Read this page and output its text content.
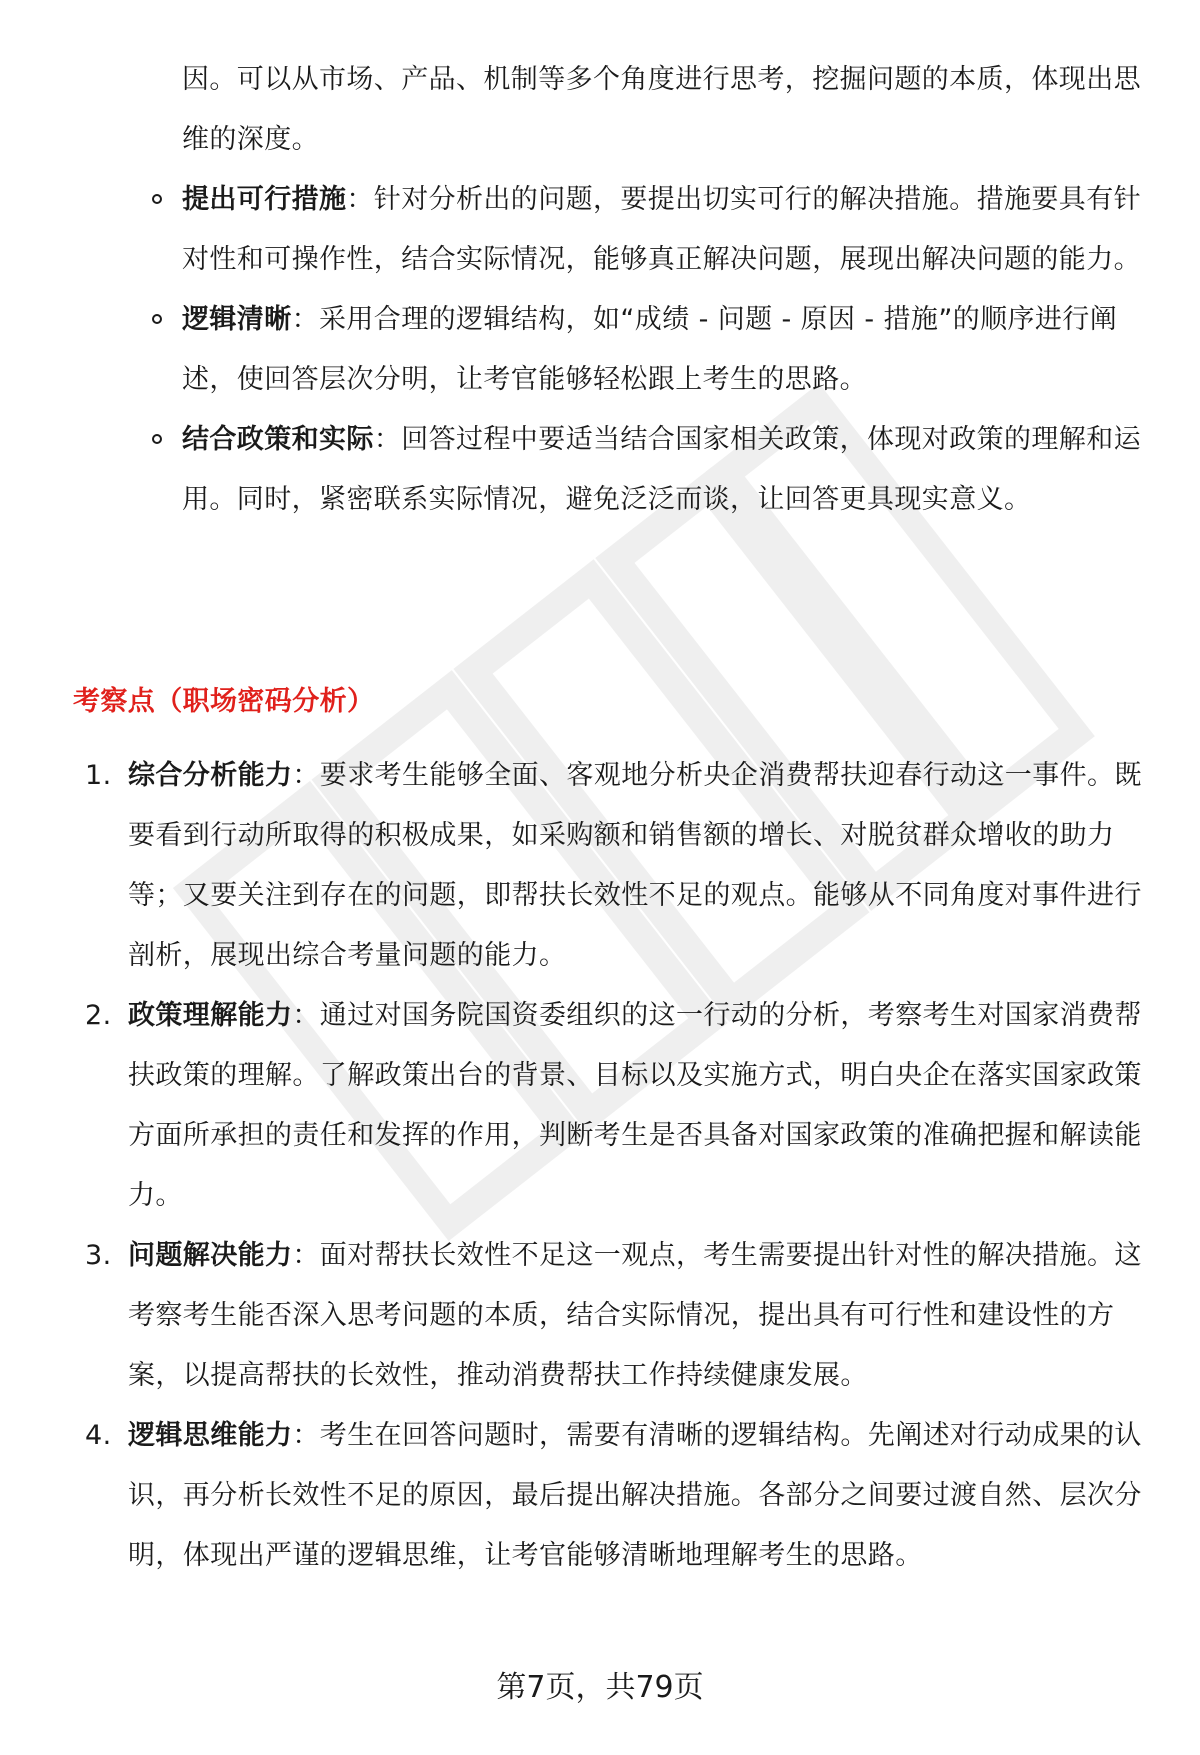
因。可以从市场、产品、机制等多个角度进行思考，挖掘问题的本质，体现出思维的深度。
提出可行措施：针对分析出的问题，要提出切实可行的解决措施。措施要具有针对性和可操作性，结合实际情况，能够真正解决问题，展现出解决问题的能力。
逻辑清晰：采用合理的逻辑结构，如“成绩 - 问题 - 原因 - 措施”的顺序进行阐述，使回答层次分明，让考官能够轻松跟上考生的思路。
结合政策和实际：回答过程中要适当结合国家相关政策，体现对政策的理解和运用。同时，紧密联系实际情况，避免泛泛而谈，让回答更具现实意义。
考察点（职场密码分析）
1. 综合分析能力：要求考生能够全面、客观地分析央企消费帮扶迎春行动这一事件。既要看到行动所取得的积极成果，如采购额和销售额的增长、对脱贫群众增收的助力等；又要关注到存在的问题，即帮扶长效性不足的观点。能够从不同角度对事件进行剖析，展现出综合考量问题的能力。
2. 政策理解能力：通过对国务院国资委组织的这一行动的分析，考察考生对国家消费帮扶政策的理解。了解政策出台的背景、目标以及实施方式，明白央企在落实国家政策方面所承担的责任和发挥的作用，判断考生是否具备对国家政策的准确把握和解读能力。
3. 问题解决能力：面对帮扶长效性不足这一观点，考生需要提出针对性的解决措施。这考察考生能否深入思考问题的本质，结合实际情况，提出具有可行性和建设性的方案，以提高帮扶的长效性，推动消费帮扶工作持续健康发展。
4. 逻辑思维能力：考生在回答问题时，需要有清晰的逻辑结构。先阐述对行动成果的认识，再分析长效性不足的原因，最后提出解决措施。各部分之间要过渡自然、层次分明，体现出严谨的逻辑思维，让考官能够清晰地理解考生的思路。
第7页，共79页
